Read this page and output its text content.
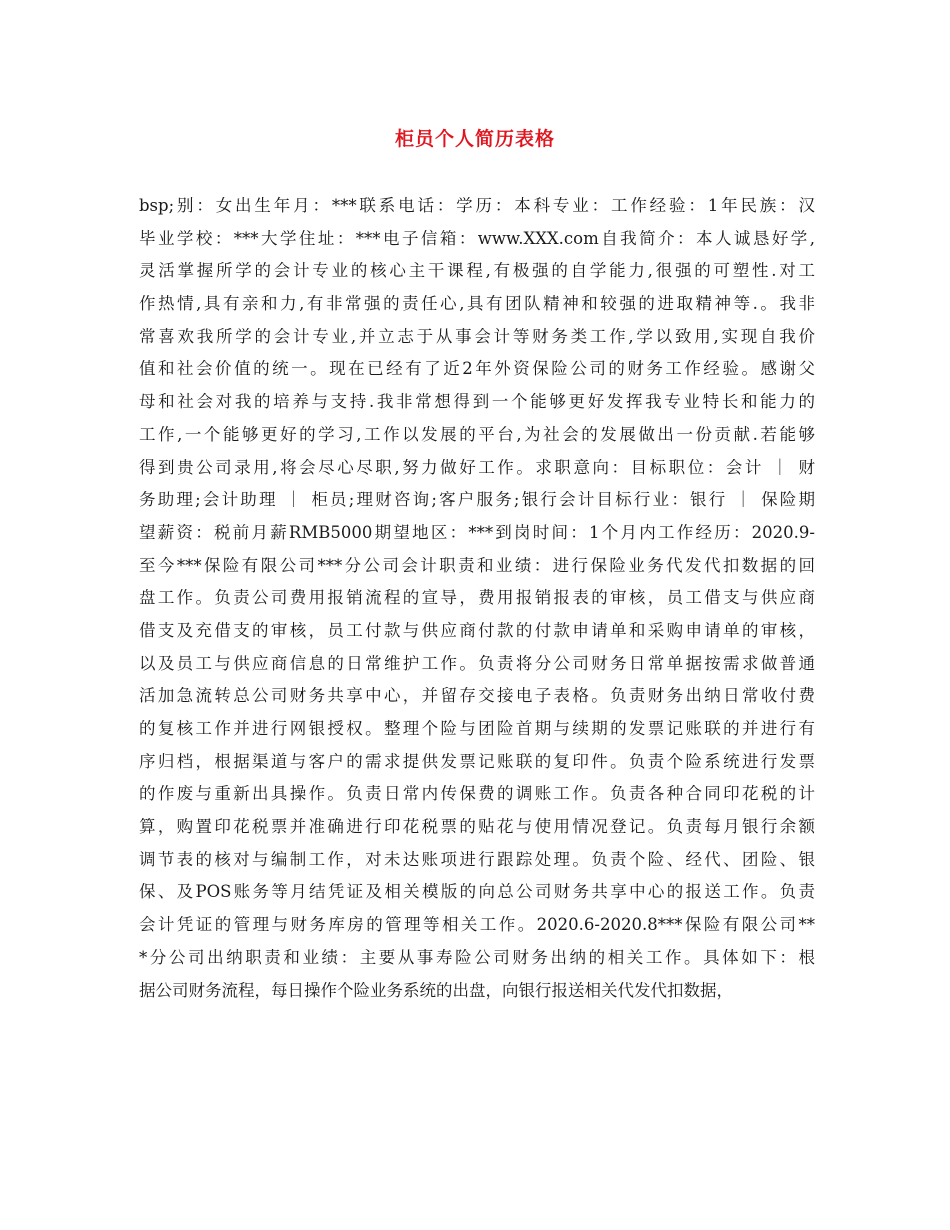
柜员个人简历表格
bsp;别：女出生年月：***联系电话：学历：本科专业：工作经验：1年民族：汉
毕业学校：***大学住址：***电子信箱：www.XXX.com自我简介：本人诚恳好学,
灵活掌握所学的会计专业的核心主干课程,有极强的自学能力,很强的可塑性.对工
作热情,具有亲和力,有非常强的责任心,具有团队精神和较强的进取精神等.。我非
常喜欢我所学的会计专业,并立志于从事会计等财务类工作,学以致用,实现自我价
值和社会价值的统一。现在已经有了近2年外资保险公司的财务工作经验。感谢父
母和社会对我的培养与支持.我非常想得到一个能够更好发挥我专业特长和能力的
工作,一个能够更好的学习,工作以发展的平台,为社会的发展做出一份贡献.若能够
得到贵公司录用,将会尽心尽职,努力做好工作。求职意向：目标职位：会计 ｜ 财
务助理;会计助理 ｜ 柜员;理财咨询;客户服务;银行会计目标行业：银行 ｜ 保险期
望薪资：税前月薪RMB5000期望地区：***到岗时间：1个月内工作经历：2020.9-
至今***保险有限公司***分公司会计职责和业绩：进行保险业务代发代扣数据的回
盘工作。负责公司费用报销流程的宣导，费用报销报表的审核，员工借支与供应商
借支及充借支的审核，员工付款与供应商付款的付款申请单和采购申请单的审核，
以及员工与供应商信息的日常维护工作。负责将分公司财务日常单据按需求做普通
活加急流转总公司财务共享中心，并留存交接电子表格。负责财务出纳日常收付费
的复核工作并进行网银授权。整理个险与团险首期与续期的发票记账联的并进行有
序归档，根据渠道与客户的需求提供发票记账联的复印件。负责个险系统进行发票
的作废与重新出具操作。负责日常内传保费的调账工作。负责各种合同印花税的计
算，购置印花税票并准确进行印花税票的贴花与使用情况登记。负责每月银行余额
调节表的核对与编制工作，对未达账项进行跟踪处理。负责个险、经代、团险、银
保、及POS账务等月结凭证及相关模版的向总公司财务共享中心的报送工作。负责
会计凭证的管理与财务库房的管理等相关工作。2020.6-2020.8***保险有限公司**
*分公司出纳职责和业绩：主要从事寿险公司财务出纳的相关工作。具体如下：根
据公司财务流程，每日操作个险业务系统的出盘，向银行报送相关代发代扣数据，
